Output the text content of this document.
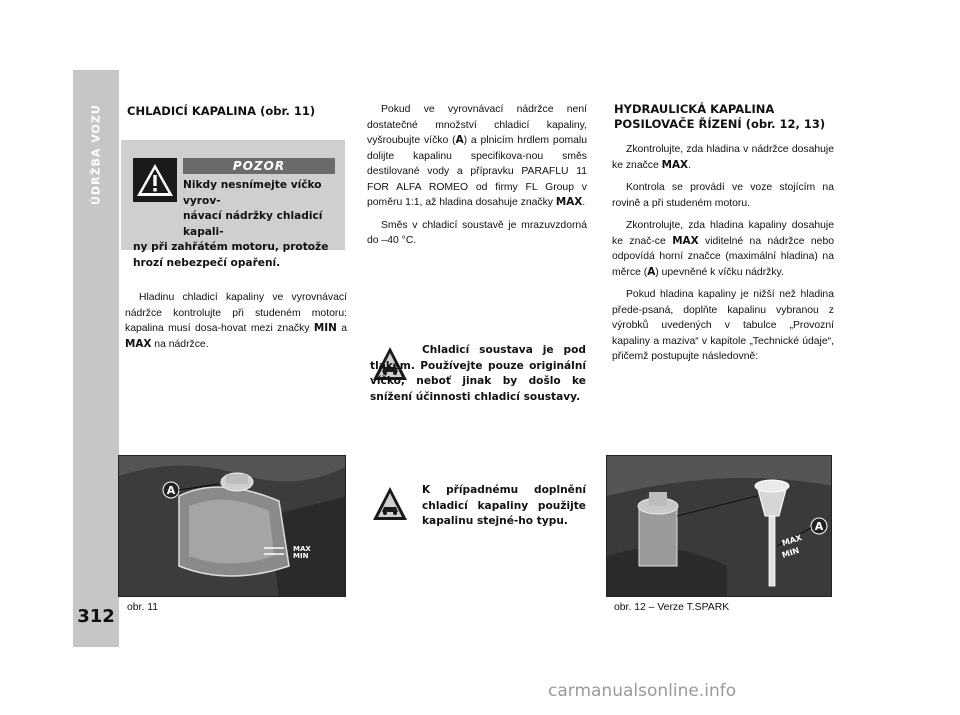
ÚDRŽBA VOZU
312
CHLADICÍ KAPALINA (obr. 11)
POZOR
Nikdy nesnímejte víčko vyrov-
návací nádržky chladicí kapali-
ny při zahřátém motoru, protože hrozí nebezpečí opaření.

Hladinu chladicí kapaliny ve vyrovnávací nádržce kontrolujte při studeném motoru: kapalina musí dosa-hovat mezi značky MIN a MAX na nádržce.

A
MAX
MIN
obr. 11

Pokud ve vyrovnávací nádržce není dostatečné množství chladicí kapaliny, vyšroubujte víčko (A) a plnicím hrdlem pomalu dolijte kapalinu specifikova-nou směs destilované vody a přípravku PARAFLU 11 FOR ALFA ROMEO od firmy FL Group v poměru 1:1, až hladina dosahuje značky MAX.

Směs v chladicí soustavě je mrazuvzdorná do –40 °C.

Chladicí soustava je pod tlakem. Používejte pouze originální víčko, neboť jinak by došlo ke snížení účinnosti chladicí soustavy.
K případnému doplnění chladicí kapaliny použijte kapalinu stejné-ho typu.
HYDRAULICKÁ KAPALINA
POSILOVAČE ŘÍZENÍ (obr. 12, 13)

Zkontrolujte, zda hladina v nádržce dosahuje ke značce MAX.

Kontrola se provádí ve voze stojícím na rovině a při studeném motoru.

Zkontrolujte, zda hladina kapaliny dosahuje ke znač-ce MAX viditelné na nádržce nebo odpovídá horní značce (maximální hladina) na měrce (A) upevněné k víčku nádržky.

Pokud hladina kapaliny je nižší než hladina přede-psaná, doplňte kapalinu vybranou z výrobků uvedených v tabulce „Provozní kapaliny a maziva“ v kapitole „Technické údaje“, přičemž postupujte následovně:

A
MAX
MIN
obr. 12 – Verze T.SPARK
carmanualsonline.info
